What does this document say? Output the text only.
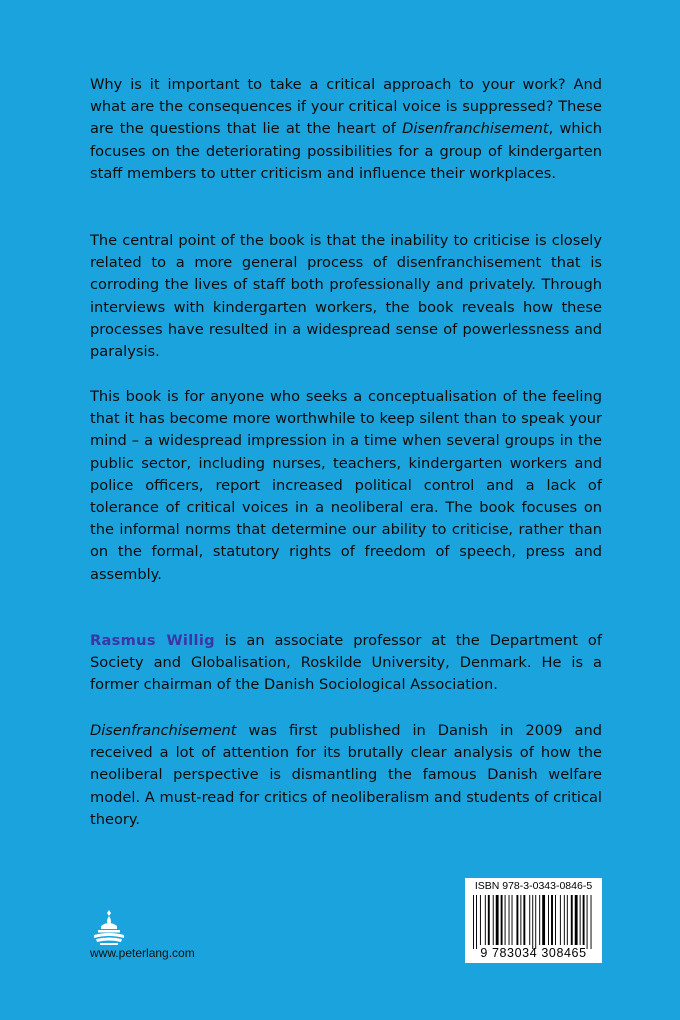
Why is it important to take a critical approach to your work? And what are the consequences if your critical voice is suppressed? These are the questions that lie at the heart of Disenfranchisement, which focuses on the deteriorating possibilities for a group of kindergarten staff members to utter criticism and influence their workplaces.

The central point of the book is that the inability to criticise is closely related to a more general process of disenfranchisement that is corroding the lives of staff both professionally and privately. Through interviews with kindergarten workers, the book reveals how these processes have resulted in a widespread sense of powerlessness and paralysis.

This book is for anyone who seeks a conceptualisation of the feeling that it has become more worthwhile to keep silent than to speak your mind – a widespread impression in a time when several groups in the public sector, including nurses, teachers, kindergarten workers and police officers, report increased political control and a lack of tolerance of critical voices in a neoliberal era. The book focuses on the informal norms that determine our ability to criticise, rather than on the formal, statutory rights of freedom of speech, press and assembly.

Rasmus Willig is an associate professor at the Department of Society and Globalisation, Roskilde University, Denmark. He is a former chairman of the Danish Sociological Association.

Disenfranchisement was first published in Danish in 2009 and received a lot of attention for its brutally clear analysis of how the neoliberal perspective is dismantling the famous Danish welfare model. A must-read for critics of neoliberalism and students of critical theory.

www.peterlang.com
ISBN 978-3-0343-0846-5
9 783034 308465
